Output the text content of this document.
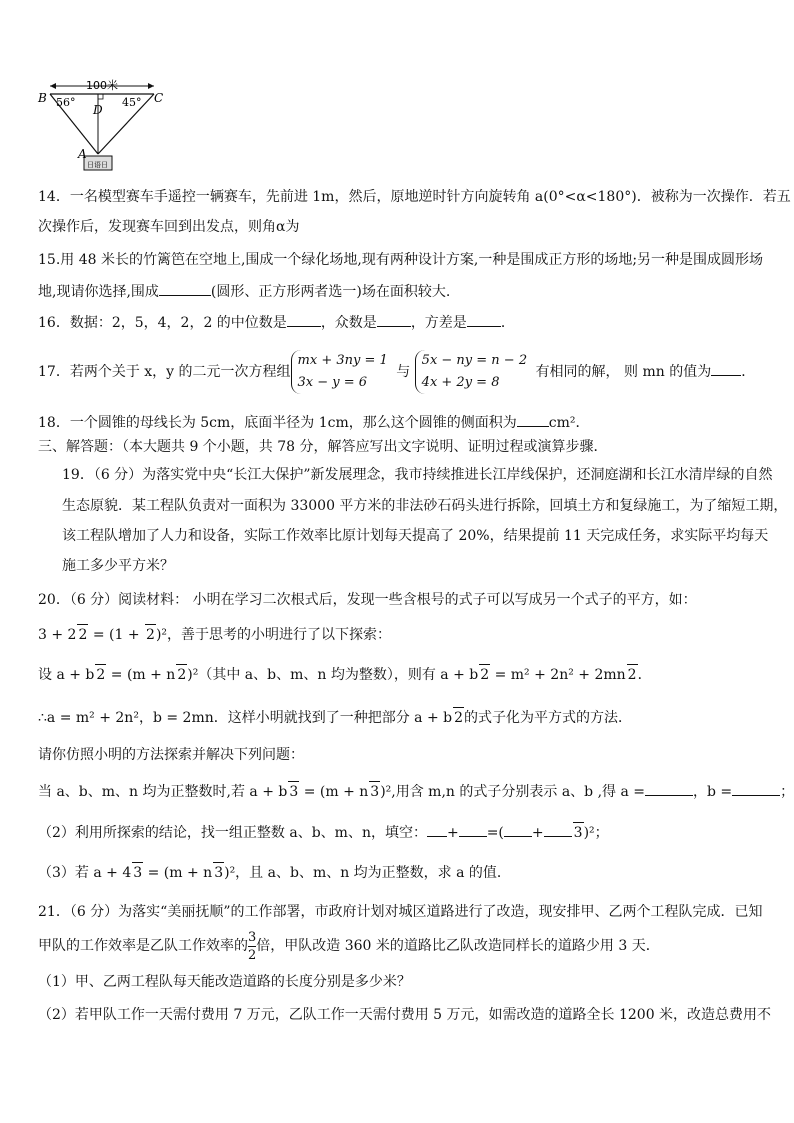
100米
B	C
D
A
56°	45°
日语日
14．一名模型赛车手遥控一辆赛车，先前进 1m，然后，原地逆时针方向旋转角 a(0°<α<180°)．被称为一次操作．若五
次操作后，发现赛车回到出发点，则角α为
15.用 48 米长的竹篱笆在空地上,围成一个绿化场地,现有两种设计方案,一种是围成正方形的场地;另一种是围成圆形场
地,现请你选择,围成	(圆形、正方形两者选一)场在面积较大.
16．数据：2，5，4，2，2 的中位数是 ，众数是 ，方差是 ．
17．若两个关于 x，y 的二元一次方程组mx + 3ny = 1
3x − y = 6 与 5x − ny = n − 2
4x + 2y = 8 有相同的解， 则 mn 的值为 ．
18．一个圆锥的母线长为 5cm，底面半径为 1cm，那么这个圆锥的侧面积为 cm²．
三、解答题：（本大题共 9 个小题，共 78 分，解答应写出文字说明、证明过程或演算步骤．
19．（6 分）为落实党中央“长江大保护”新发展理念，我市持续推进长江岸线保护，还洞庭湖和长江水清岸绿的自然
生态原貌．某工程队负责对一面积为 33000 平方米的非法砂石码头进行拆除，回填土方和复绿施工，为了缩短工期，
该工程队增加了人力和设备，实际工作效率比原计划每天提高了 20%，结果提前 11 天完成任务，求实际平均每天
施工多少平方米？
20．（6 分）阅读材料： 小明在学习二次根式后，发现一些含根号的式子可以写成另一个式子的平方，如：
3 + 2 2 = (1 + 2)²，善于思考的小明进行了以下探索：
设 a + b 2 = (m + n 2)²（其中 a、b、m、n 均为整数），则有 a + b 2 = m² + 2n² + 2mn 2．
∴a = m² + 2n²，b = 2mn．这样小明就找到了一种把部分 a + b 2的式子化为平方式的方法．
请你仿照小明的方法探索并解决下列问题：
当 a、b、m、n 均为正整数时,若 a + b 3 = (m + n 3)²,用含 m,n 的式子分别表示 a、b ,得 a =	，b =	；
（2）利用所探索的结论，找一组正整数 a、b、m、n，填空： + =( + 3)²；
（3）若 a + 4 3 = (m + n 3)²，且 a、b、m、n 均为正整数，求 a 的值．
21．（6 分）为落实“美丽抚顺”的工作部署，市政府计划对城区道路进行了改造，现安排甲、乙两个工程队完成．已知
甲队的工作效率是乙队工作效率的 $\frac{3}{2}$ 倍，甲队改造 360 米的道路比乙队改造同样长的道路少用 3 天．
（1）甲、乙两工程队每天能改造道路的长度分别是多少米？
（2）若甲队工作一天需付费用 7 万元，乙队工作一天需付费用 5 万元，如需改造的道路全长 1200 米，改造总费用不
